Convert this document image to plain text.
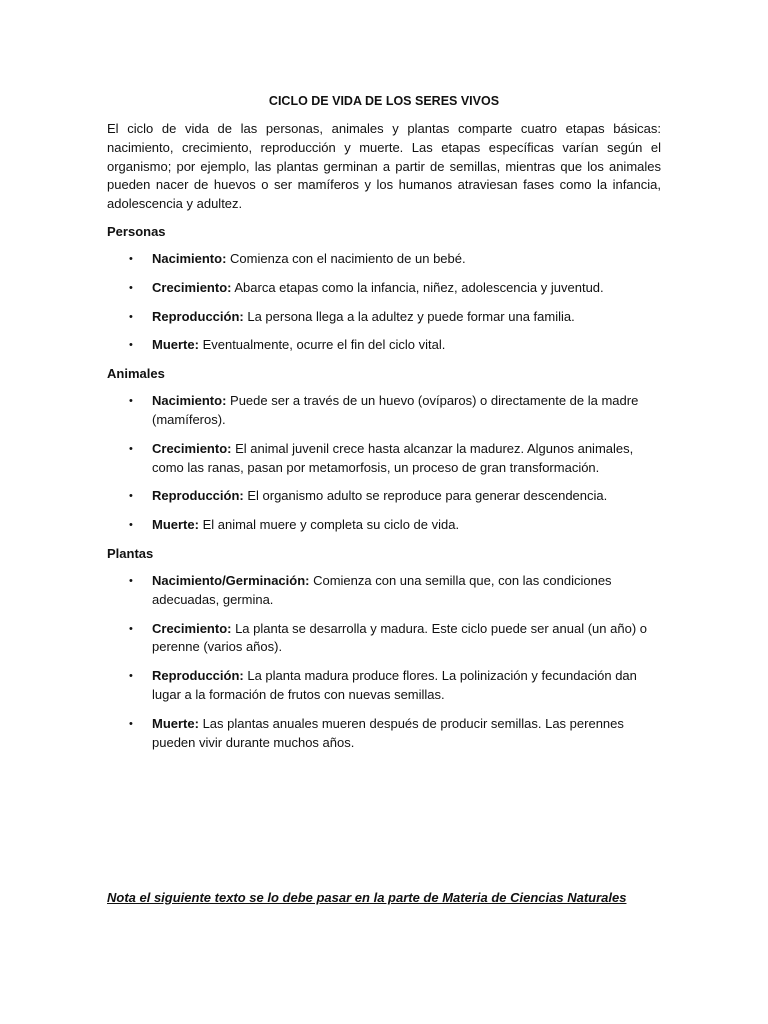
CICLO DE VIDA DE LOS SERES VIVOS

El ciclo de vida de las personas, animales y plantas comparte cuatro etapas básicas: nacimiento, crecimiento, reproducción y muerte. Las etapas específicas varían según el organismo; por ejemplo, las plantas germinan a partir de semillas, mientras que los animales pueden nacer de huevos o ser mamíferos y los humanos atraviesan fases como la infancia, adolescencia y adultez.

Personas
• Nacimiento: Comienza con el nacimiento de un bebé.
• Crecimiento: Abarca etapas como la infancia, niñez, adolescencia y juventud.
• Reproducción: La persona llega a la adultez y puede formar una familia.
• Muerte: Eventualmente, ocurre el fin del ciclo vital.
Animales
• Nacimiento: Puede ser a través de un huevo (ovíparos) o directamente de la madre (mamíferos).
• Crecimiento: El animal juvenil crece hasta alcanzar la madurez. Algunos animales, como las ranas, pasan por metamorfosis, un proceso de gran transformación.
• Reproducción: El organismo adulto se reproduce para generar descendencia.
• Muerte: El animal muere y completa su ciclo de vida.
Plantas
• Nacimiento/Germinación: Comienza con una semilla que, con las condiciones adecuadas, germina.
• Crecimiento: La planta se desarrolla y madura. Este ciclo puede ser anual (un año) o perenne (varios años).
• Reproducción: La planta madura produce flores. La polinización y fecundación dan lugar a la formación de frutos con nuevas semillas.
• Muerte: Las plantas anuales mueren después de producir semillas. Las perennes pueden vivir durante muchos años.
Nota el siguiente texto se lo debe pasar en la parte de Materia de Ciencias Naturales
